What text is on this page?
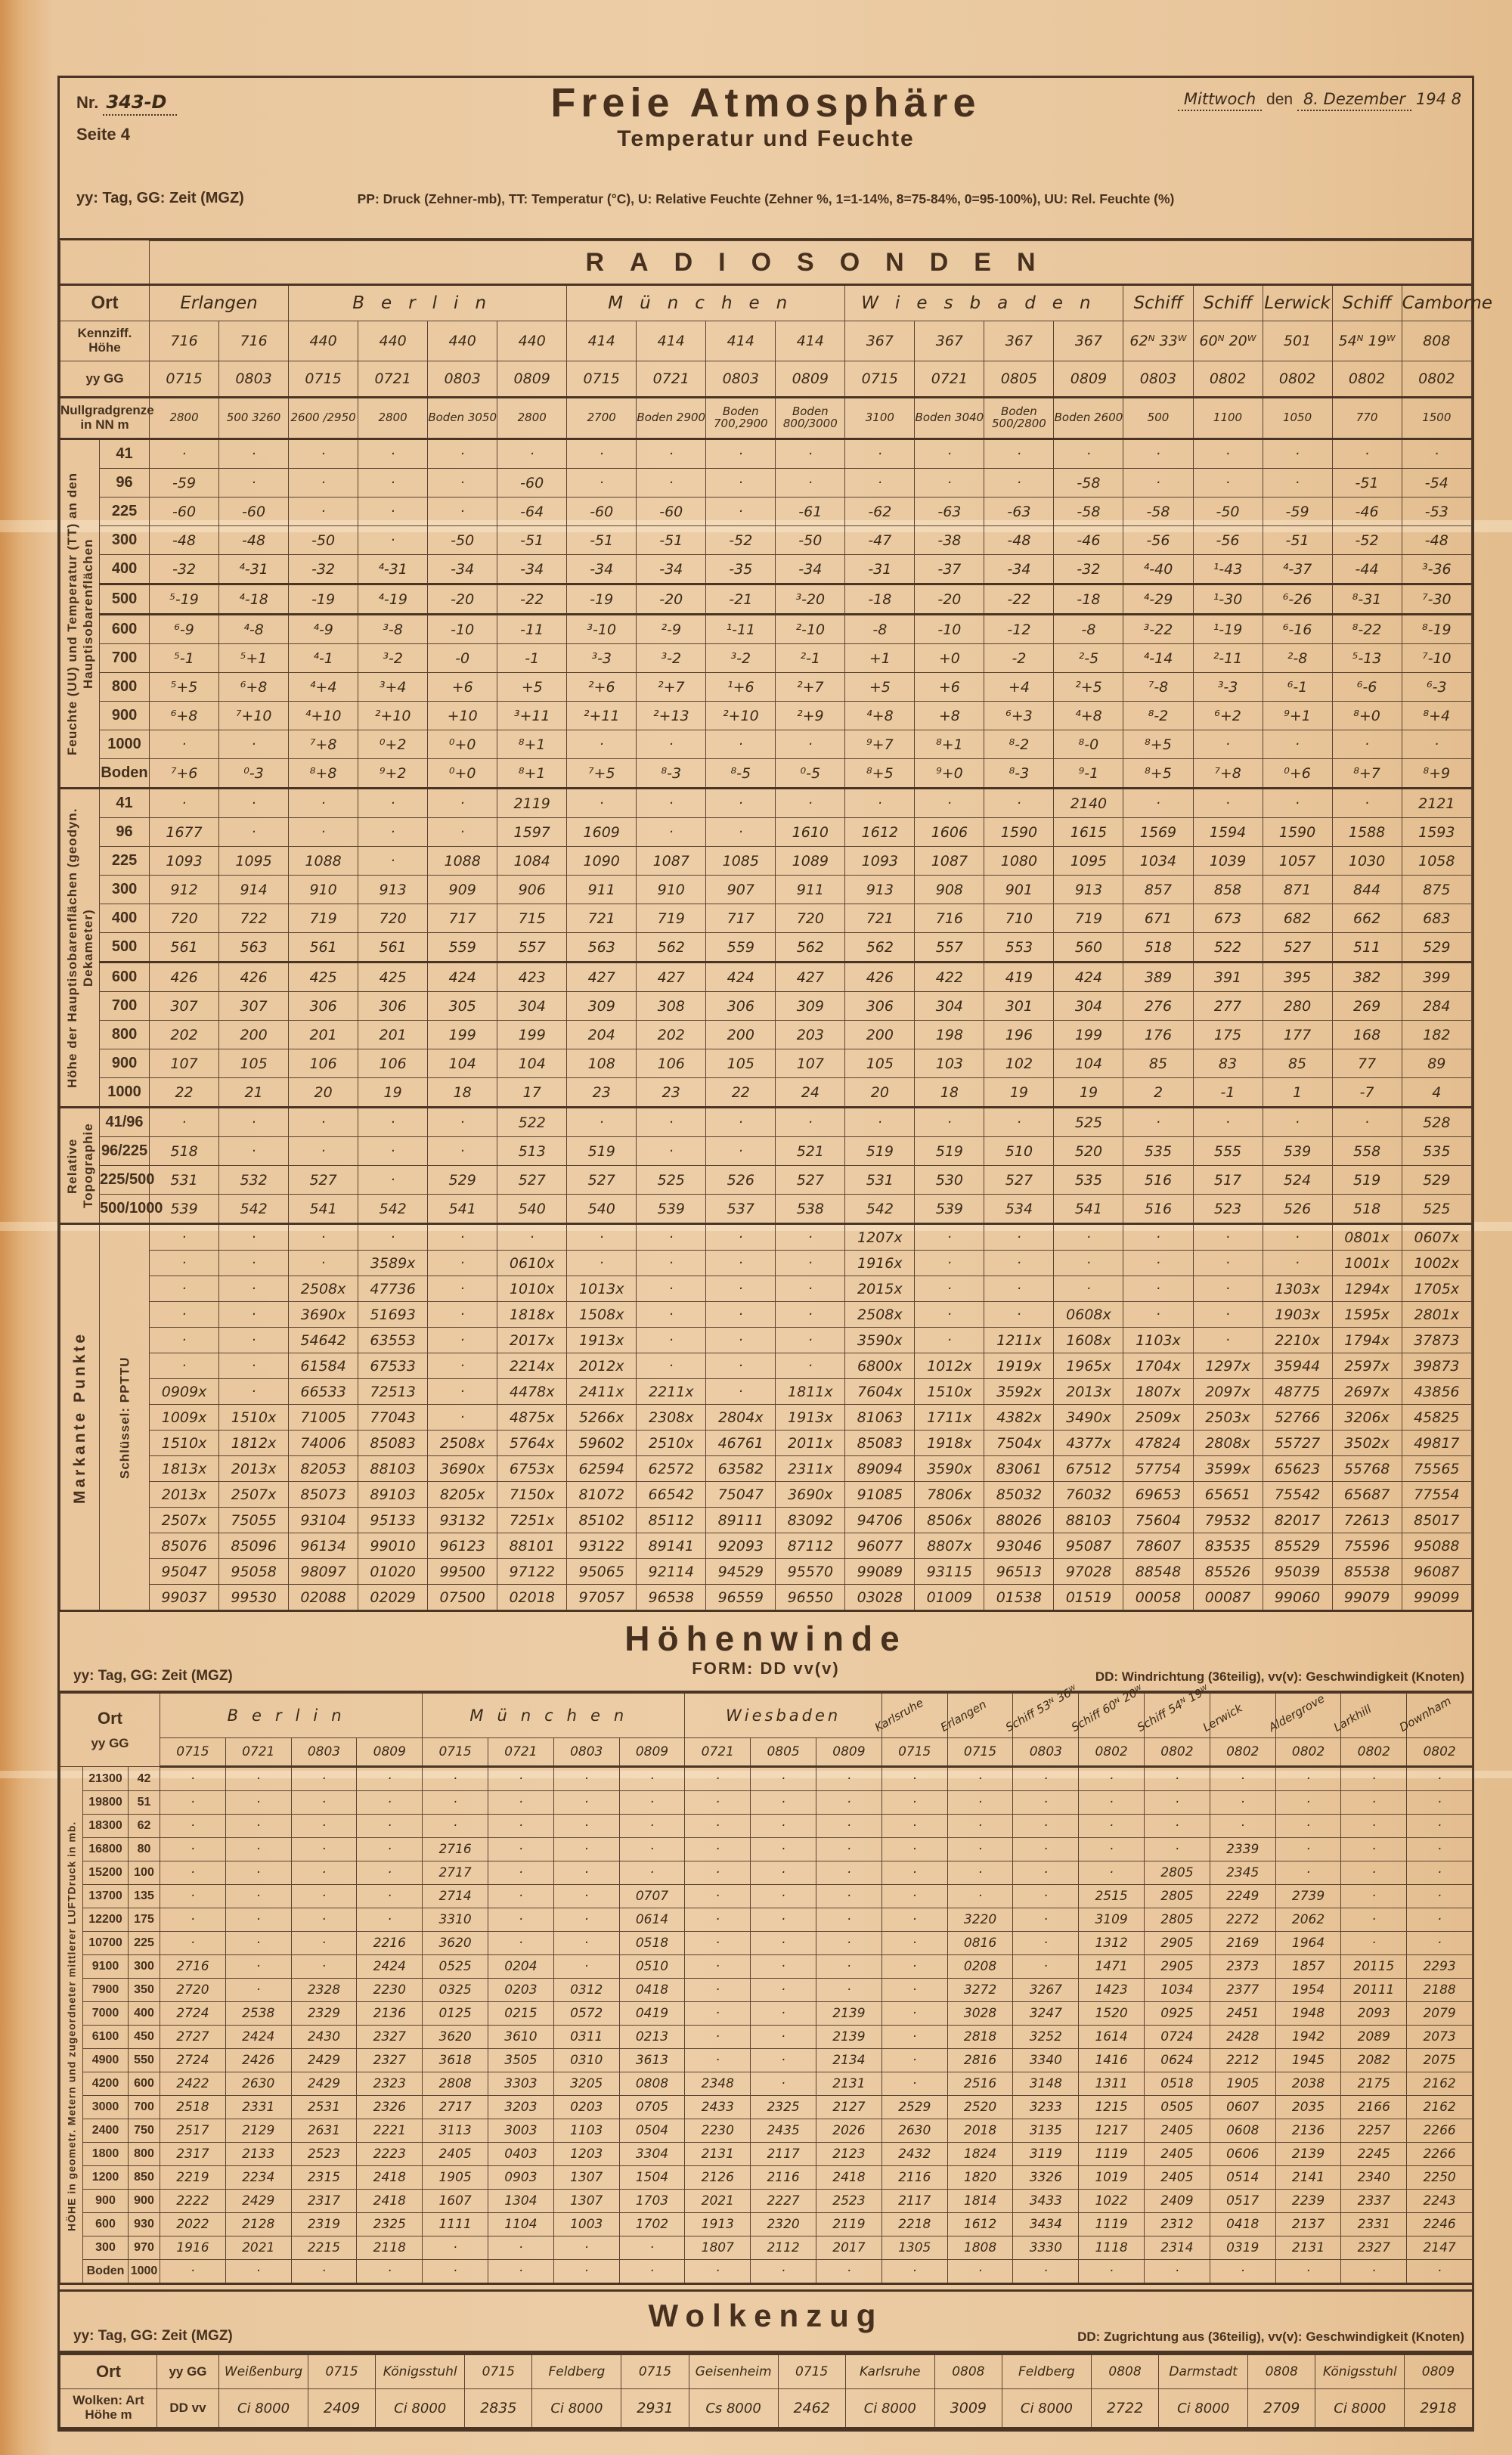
Nr. 343-D
Seite 4
yy: Tag, GG: Zeit (MGZ)
Freie Atmosphäre
Temperatur und Feuchte
PP: Druck (Zehner-mb), TT: Temperatur (°C), U: Relative Feuchte (Zehner %, 1=1-14%, 8=75-84%, 0=95-100%), UU: Rel. Feuchte (%)
Mittwoch den 8. Dezember 194 8
		RADIOSONDEN																		
Ort		Erlangen		Berlin				München				Wiesbaden				Schiff	Schiff	Lerwick	Schiff	Camborne
Kennziff. Höhe		716	716	440	440	440	440	414	414	414	414	367	367	367	367	62ᴺ 33ᵂ	60ᴺ 20ᵂ	501	54ᴺ 19ᵂ	808
yy GG		0715	0803	0715	0721	0803	0809	0715	0721	0803	0809	0715	0721	0805	0809	0803	0802	0802	0802	0802
Nullgradgrenze in NN m		2800	500 3260	2600 /2950	2800	Boden 3050	2800	2700	Boden 2900	Boden 700,2900	Boden 800/3000	3100	Boden 3040	Boden 500/2800	Boden 2600	500	1100	1050	770	1500
Feuchte (UU) und Temperatur (TT) an den Hauptisobarenflächen	41	·	·	·	·	·	·	·	·	·	·	·	·	·	·	·	·	·	·	·
	96	-59	·	·	·	·	-60	·	·	·	·	·	·	·	-58	·	·	·	-51	-54
	225	-60	-60	·	·	·	-64	-60	-60	·	-61	-62	-63	-63	-58	-58	-50	-59	-46	-53
	300	-48	-48	-50	·	-50	-51	-51	-51	-52	-50	-47	-38	-48	-46	-56	-56	-51	-52	-48
	400	-32	⁴-31	-32	⁴-31	-34	-34	-34	-34	-35	-34	-31	-37	-34	-32	⁴-40	¹-43	⁴-37	-44	³-36
	500	⁵-19	⁴-18	-19	⁴-19	-20	-22	-19	-20	-21	³-20	-18	-20	-22	-18	⁴-29	¹-30	⁶-26	⁸-31	⁷-30
	600	⁶-9	⁴-8	⁴-9	³-8	-10	-11	³-10	²-9	¹-11	²-10	-8	-10	-12	-8	³-22	¹-19	⁶-16	⁸-22	⁸-19
	700	⁵-1	⁵+1	⁴-1	³-2	-0	-1	³-3	³-2	³-2	²-1	+1	+0	-2	²-5	⁴-14	²-11	²-8	⁵-13	⁷-10
	800	⁵+5	⁶+8	⁴+4	³+4	+6	+5	²+6	²+7	¹+6	²+7	+5	+6	+4	²+5	⁷-8	³-3	⁶-1	⁶-6	⁶-3
	900	⁶+8	⁷+10	⁴+10	²+10	+10	³+11	²+11	²+13	²+10	²+9	⁴+8	+8	⁶+3	⁴+8	⁸-2	⁶+2	⁹+1	⁸+0	⁸+4
	1000	·	·	⁷+8	⁰+2	⁰+0	⁸+1	·	·	·	·	⁹+7	⁸+1	⁸-2	⁸-0	⁸+5	·	·	·	·
	Boden	⁷+6	⁰-3	⁸+8	⁹+2	⁰+0	⁸+1	⁷+5	⁸-3	⁸-5	⁰-5	⁸+5	⁹+0	⁸-3	⁹-1	⁸+5	⁷+8	⁰+6	⁸+7	⁸+9
Höhe der Hauptisobarenflächen (geodyn. Dekameter)	41	·	·	·	·	·	2119	·	·	·	·	·	·	·	2140	·	·	·	·	2121
	96	1677	·	·	·	·	1597	1609	·	·	1610	1612	1606	1590	1615	1569	1594	1590	1588	1593
	225	1093	1095	1088	·	1088	1084	1090	1087	1085	1089	1093	1087	1080	1095	1034	1039	1057	1030	1058
	300	912	914	910	913	909	906	911	910	907	911	913	908	901	913	857	858	871	844	875
	400	720	722	719	720	717	715	721	719	717	720	721	716	710	719	671	673	682	662	683
	500	561	563	561	561	559	557	563	562	559	562	562	557	553	560	518	522	527	511	529
	600	426	426	425	425	424	423	427	427	424	427	426	422	419	424	389	391	395	382	399
	700	307	307	306	306	305	304	309	308	306	309	306	304	301	304	276	277	280	269	284
	800	202	200	201	201	199	199	204	202	200	203	200	198	196	199	176	175	177	168	182
	900	107	105	106	106	104	104	108	106	105	107	105	103	102	104	85	83	85	77	89
	1000	22	21	20	19	18	17	23	23	22	24	20	18	19	19	2	-1	1	-7	4
Relative Topographie	41/96	·	·	·	·	·	522	·	·	·	·	·	·	·	525	·	·	·	·	528
	96/225	518	·	·	·	·	513	519	·	·	521	519	519	510	520	535	555	539	558	535
	225/500	531	532	527	·	529	527	527	525	526	527	531	530	527	535	516	517	524	519	529
	500/1000	539	542	541	542	541	540	540	539	537	538	542	539	534	541	516	523	526	518	525
Markante Punkte	Schlüssel: PPTTU	·	·	·	·	·	·	·	·	·	·	1207x	·	·	·	·	·	·	0801x	0607x
		·	·	·	3589x	·	0610x	·	·	·	·	1916x	·	·	·	·	·	·	1001x	1002x
		·	·	2508x	47736	·	1010x	1013x	·	·	·	2015x	·	·	·	·	·	1303x	1294x	1705x
		·	·	3690x	51693	·	1818x	1508x	·	·	·	2508x	·	·	0608x	·	·	1903x	1595x	2801x
		·	·	54642	63553	·	2017x	1913x	·	·	·	3590x	·	1211x	1608x	1103x	·	2210x	1794x	37873
		·	·	61584	67533	·	2214x	2012x	·	·	·	6800x	1012x	1919x	1965x	1704x	1297x	35944	2597x	39873
		0909x	·	66533	72513	·	4478x	2411x	2211x	·	1811x	7604x	1510x	3592x	2013x	1807x	2097x	48775	2697x	43856
		1009x	1510x	71005	77043	·	4875x	5266x	2308x	2804x	1913x	81063	1711x	4382x	3490x	2509x	2503x	52766	3206x	45825
		1510x	1812x	74006	85083	2508x	5764x	59602	2510x	46761	2011x	85083	1918x	7504x	4377x	47824	2808x	55727	3502x	49817
		1813x	2013x	82053	88103	3690x	6753x	62594	62572	63582	2311x	89094	3590x	83061	67512	57754	3599x	65623	55768	75565
		2013x	2507x	85073	89103	8205x	7150x	81072	66542	75047	3690x	91085	7806x	85032	76032	69653	65651	75542	65687	77554
		2507x	75055	93104	95133	93132	7251x	85102	85112	89111	83092	94706	8506x	88026	88103	75604	79532	82017	72613	85017
		85076	85096	96134	99010	96123	88101	93122	89141	92093	87112	96077	8807x	93046	95087	78607	83535	85529	75596	95088
		95047	95058	98097	01020	99500	97122	95065	92114	94529	95570	99089	93115	96513	97028	88548	85526	95039	85538	96087
		99037	99530	02088	02029	07500	02018	97057	96538	96559	96550	03028	01009	01538	01519	00058	00087	99060	99079	99099
Höhenwinde
FORM: DD vv(v)
yy: Tag, GG: Zeit (MGZ)	DD: Windrichtung (36teilig), vv(v): Geschwindigkeit (Knoten)
Ort
yy GG			Berlin				München				Wiesbaden			Karlsruhe	Erlangen	Schiff 53ᴺ 36ᵂ	Schiff 60ᴺ 20ᵂ	Schiff 54ᴺ 19ᵂ	Lerwick	Aldergrove	Larkhill	Downham

			0715	0721	0803	0809	0715	0721	0803	0809	0721	0805	0809	0715	0715	0803	0802	0802	0802	0802	0802	0802
HÖHE in geometr. Metern und zugeordneter mittlerer LUFTDruck in mb.	21300	42	·	·	·	·	·	·	·	·	·	·	·	·	·	·	·	·	·	·	·	·
	19800	51	·	·	·	·	·	·	·	·	·	·	·	·	·	·	·	·	·	·	·	·
	18300	62	·	·	·	·	·	·	·	·	·	·	·	·	·	·	·	·	·	·	·	·
	16800	80	·	·	·	·	2716	·	·	·	·	·	·	·	·	·	·	·	2339	·	·	·
	15200	100	·	·	·	·	2717	·	·	·	·	·	·	·	·	·	·	2805	2345	·	·	·
	13700	135	·	·	·	·	2714	·	·	0707	·	·	·	·	·	·	2515	2805	2249	2739	·	·
	12200	175	·	·	·	·	3310	·	·	0614	·	·	·	·	3220	·	3109	2805	2272	2062	·	·
	10700	225	·	·	·	2216	3620	·	·	0518	·	·	·	·	0816	·	1312	2905	2169	1964	·	·
	9100	300	2716	·	·	2424	0525	0204	·	0510	·	·	·	·	0208	·	1471	2905	2373	1857	20115	2293
	7900	350	2720	·	2328	2230	0325	0203	0312	0418	·	·	·	·	3272	3267	1423	1034	2377	1954	20111	2188
	7000	400	2724	2538	2329	2136	0125	0215	0572	0419	·	·	2139	·	3028	3247	1520	0925	2451	1948	2093	2079
	6100	450	2727	2424	2430	2327	3620	3610	0311	0213	·	·	2139	·	2818	3252	1614	0724	2428	1942	2089	2073
	4900	550	2724	2426	2429	2327	3618	3505	0310	3613	·	·	2134	·	2816	3340	1416	0624	2212	1945	2082	2075
	4200	600	2422	2630	2429	2323	2808	3303	3205	0808	2348	·	2131	·	2516	3148	1311	0518	1905	2038	2175	2162
	3000	700	2518	2331	2531	2326	2717	3203	0203	0705	2433	2325	2127	2529	2520	3233	1215	0505	0607	2035	2166	2162
	2400	750	2517	2129	2631	2221	3113	3003	1103	0504	2230	2435	2026	2630	2018	3135	1217	2405	0608	2136	2257	2266
	1800	800	2317	2133	2523	2223	2405	0403	1203	3304	2131	2117	2123	2432	1824	3119	1119	2405	0606	2139	2245	2266
	1200	850	2219	2234	2315	2418	1905	0903	1307	1504	2126	2116	2418	2116	1820	3326	1019	2405	0514	2141	2340	2250
	900	900	2222	2429	2317	2418	1607	1304	1307	1703	2021	2227	2523	2117	1814	3433	1022	2409	0517	2239	2337	2243
	600	930	2022	2128	2319	2325	1111	1104	1003	1702	1913	2320	2119	2218	1612	3434	1119	2312	0418	2137	2331	2246
	300	970	1916	2021	2215	2118	·	·	·	·	1807	2112	2017	1305	1808	3330	1118	2314	0319	2131	2327	2147
	Boden	1000	·	·	·	·	·	·	·	·	·	·	·	·	·	·	·	·	·	·	·	·
Wolkenzug
yy: Tag, GG: Zeit (MGZ)	DD: Zugrichtung aus (36teilig), vv(v): Geschwindigkeit (Knoten)
Ort	yy GG	Weißenburg	0715	Königsstuhl	0715	Feldberg	0715	Geisenheim	0715	Karlsruhe	0808	Feldberg	0808	Darmstadt	0808	Königsstuhl	0809

Wolken: Art
Höhe m	DD vv	Ci 8000	2409	Ci 8000	2835	Ci 8000	2931	Cs 8000	2462	Ci 8000	3009	Ci 8000	2722	Ci 8000	2709	Ci 8000	2918
